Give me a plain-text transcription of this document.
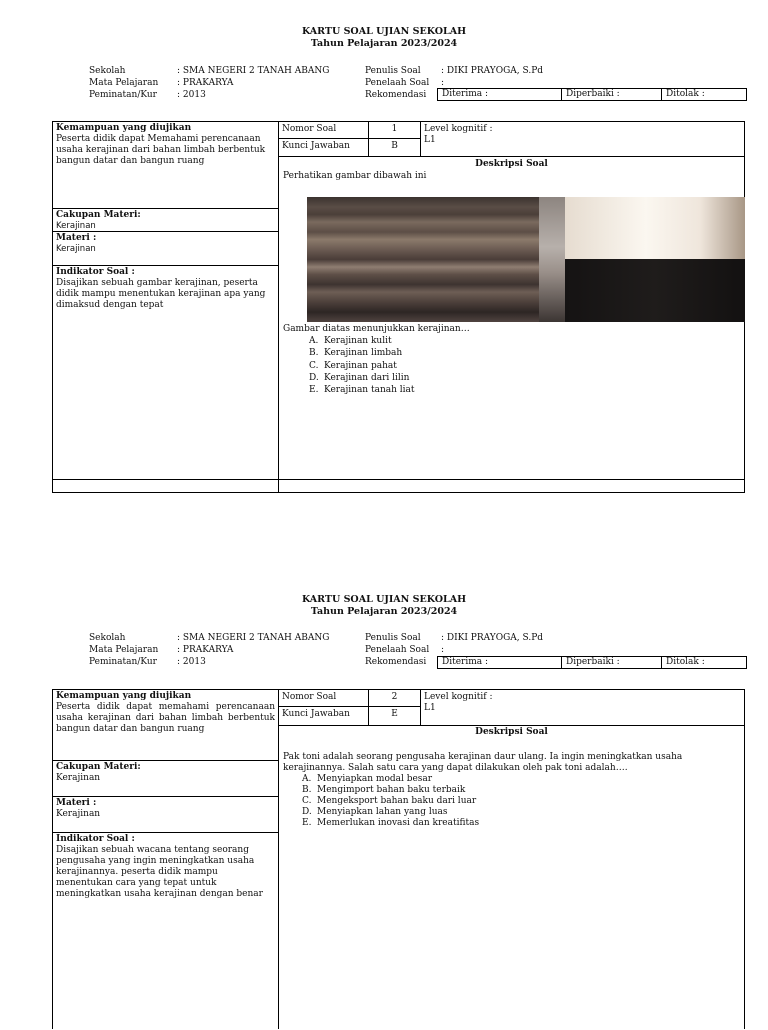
KARTU SOAL UJIAN SEKOLAH
Tahun Pelajaran 2023/2024
Sekolah	: SMA NEGERI 2 TANAH ABANG
Mata Pelajaran	: PRAKARYA
Peminatan/Kur	: 2013
Penulis Soal	: DIKI PRAYOGA, S.Pd
Penelaah Soal	:
Rekomendasi	Diterima :	Diperbaiki :	Ditolak :
Kemampuan yang diujikan
Peserta didik dapat Memahami perencanaan usaha kerajinan dari bahan limbah berbentuk bangun datar dan bangun ruang
Cakupan Materi:
Kerajinan
Materi :
Kerajinan
Indikator Soal :
Disajikan sebuah gambar kerajinan, peserta didik mampu menentukan kerajinan apa yang dimaksud dengan tepat
Nomor Soal	1
Kunci Jawaban	B
Level kognitif :
L1
Deskripsi Soal
Perhatikan gambar dibawah ini
Gambar diatas menunjukkan kerajinan…
A. Kerajinan kulit
B. Kerajinan limbah
C. Kerajinan pahat
D. Kerajinan dari lilin
E. Kerajinan tanah liat
KARTU SOAL UJIAN SEKOLAH
Tahun Pelajaran 2023/2024
Sekolah	: SMA NEGERI 2 TANAH ABANG
Mata Pelajaran	: PRAKARYA
Peminatan/Kur	: 2013
Penulis Soal	: DIKI PRAYOGA, S.Pd
Penelaah Soal	:
Rekomendasi	Diterima :	Diperbaiki :	Ditolak :
Kemampuan yang diujikan
Peserta didik dapat memahami perencanaan usaha kerajinan dari bahan limbah berbentuk bangun datar dan bangun ruang
Cakupan Materi:
Kerajinan
Materi :
Kerajinan
Indikator Soal :
Disajikan sebuah wacana tentang seorang pengusaha yang ingin meningkatkan usaha kerajinannya. peserta didik mampu menentukan cara yang tepat untuk meningkatkan usaha kerajinan dengan benar
Nomor Soal	2
Kunci Jawaban	E
Level kognitif :
L1
Deskripsi Soal
Pak toni adalah seorang pengusaha kerajinan daur ulang. Ia ingin meningkatkan usaha kerajinannya. Salah satu cara yang dapat dilakukan oleh pak toni adalah….
A. Menyiapkan modal besar
B. Mengimport bahan baku terbaik
C. Mengeksport bahan baku dari luar
D. Menyiapkan lahan yang luas
E. Memerlukan inovasi dan kreatifitas
